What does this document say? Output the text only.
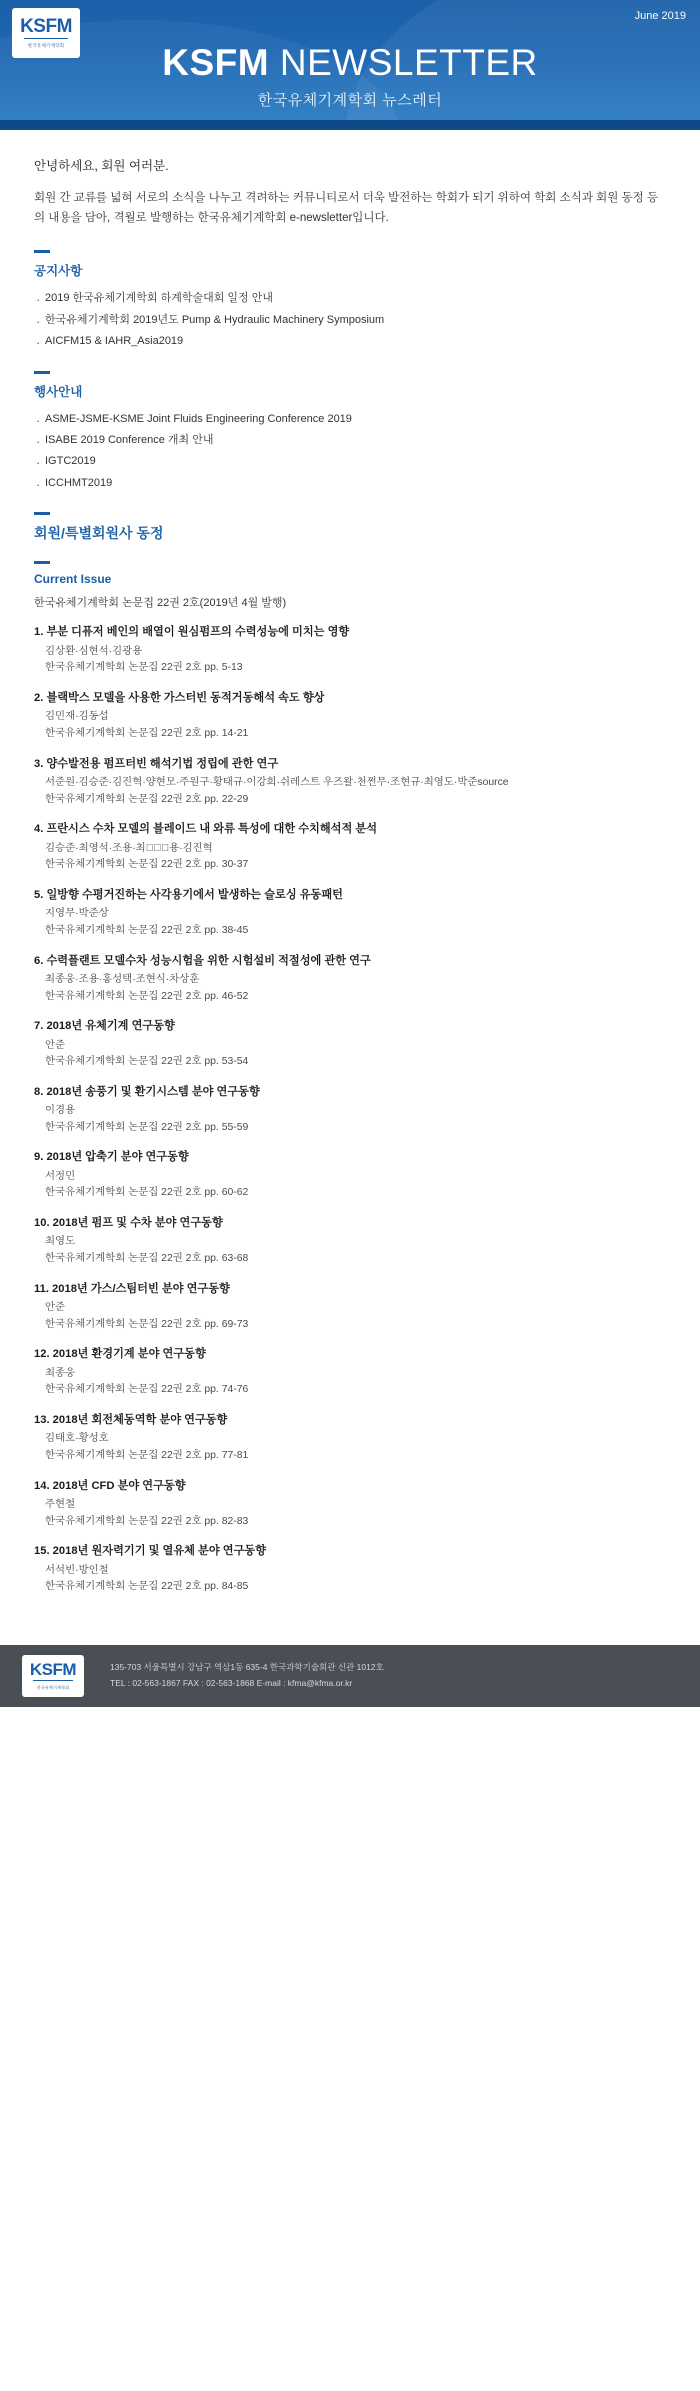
KSFM
한국유체기계학회
June 2019
KSFM NEWSLETTER
한국유체기계학회 뉴스레터
안녕하세요, 회원 여러분.
회원 간 교류를 넓혀 서로의 소식을 나누고 격려하는 커뮤니티로서 더욱 발전하는 학회가 되기 위하여 학회 소식과 회원 동정 등의 내용을 담아, 격월로 발행하는 한국유체기계학회 e-newsletter입니다.
공지사항
· 2019 한국유체기계학회 하계학술대회 일정 안내
· 한국유체기계학회 2019년도 Pump & Hydraulic Machinery Symposium
· AICFM15 & IAHR_Asia2019
행사안내
· ASME-JSME-KSME Joint Fluids Engineering Conference 2019
· ISABE 2019 Conference 개최 안내
· IGTC2019
· ICCHMT2019
회원/특별회원사 동정
Current Issue
한국유체기계학회 논문집 22권 2호(2019년 4월 발행)
1. 부분 디퓨저 베인의 배열이 원심펌프의 수력성능에 미치는 영향
김상환·심현석·김광용
한국유체기계학회 논문집 22권 2호 pp. 5-13
2. 블랙박스 모델을 사용한 가스터빈 동적거동해석 속도 향상
김민재·김동섭
한국유체기계학회 논문집 22권 2호 pp. 14-21
3. 양수발전용 펌프터빈 해석기법 정립에 관한 연구
서준원·김승준·김진혁·양현모·주원구·황태규·이강희·쉬레스트 우즈왈·천쩐무·조현규·최영도·박준source
한국유체기계학회 논문집 22권 2호 pp. 22-29
4. 프란시스 수차 모델의 블레이드 내 와류 특성에 대한 수치해석적 분석
김승준·최영석·조용·최종ُُ용·김진혁
한국유체기계학회 논문집 22권 2호 pp. 30-37
5. 일방향 수평거진하는 사각용기에서 발생하는 슬로싱 유동패턴
지영무·박준상
한국유체기계학회 논문집 22권 2호 pp. 38-45
6. 수력플랜트 모델수차 성능시험을 위한 시험설비 적절성에 관한 연구
최종웅·조용·홍성택·조현식·차상훈
한국유체기계학회 논문집 22권 2호 pp. 46-52
7. 2018년 유체기계 연구동향
안준
한국유체기계학회 논문집 22권 2호 pp. 53-54
8. 2018년 송풍기 및 환기시스템 분야 연구동향
이경용
한국유체기계학회 논문집 22권 2호 pp. 55-59
9. 2018년 압축기 분야 연구동향
서정민
한국유체기계학회 논문집 22권 2호 pp. 60-62
10. 2018년 펌프 및 수차 분야 연구동향
최영도
한국유체기계학회 논문집 22권 2호 pp. 63-68
11. 2018년 가스/스팀터빈 분야 연구동향
안준
한국유체기계학회 논문집 22권 2호 pp. 69-73
12. 2018년 환경기계 분야 연구동향
최종웅
한국유체기계학회 논문집 22권 2호 pp. 74-76
13. 2018년 회전체동역학 분야 연구동향
김태호·황성호
한국유체기계학회 논문집 22권 2호 pp. 77-81
14. 2018년 CFD 분야 연구동향
주현철
한국유체기계학회 논문집 22권 2호 pp. 82-83
15. 2018년 원자력기기 및 열유체 분야 연구동향
서석빈·방인철
한국유체기계학회 논문집 22권 2호 pp. 84-85
KSFM
한국유체기계학회
135-703 서울특별시 강남구 역삼1동 635-4 한국과학기술회관 신관 1012호
TEL : 02-563-1867 FAX : 02-563-1868 E-mail : kfma@kfma.or.kr
